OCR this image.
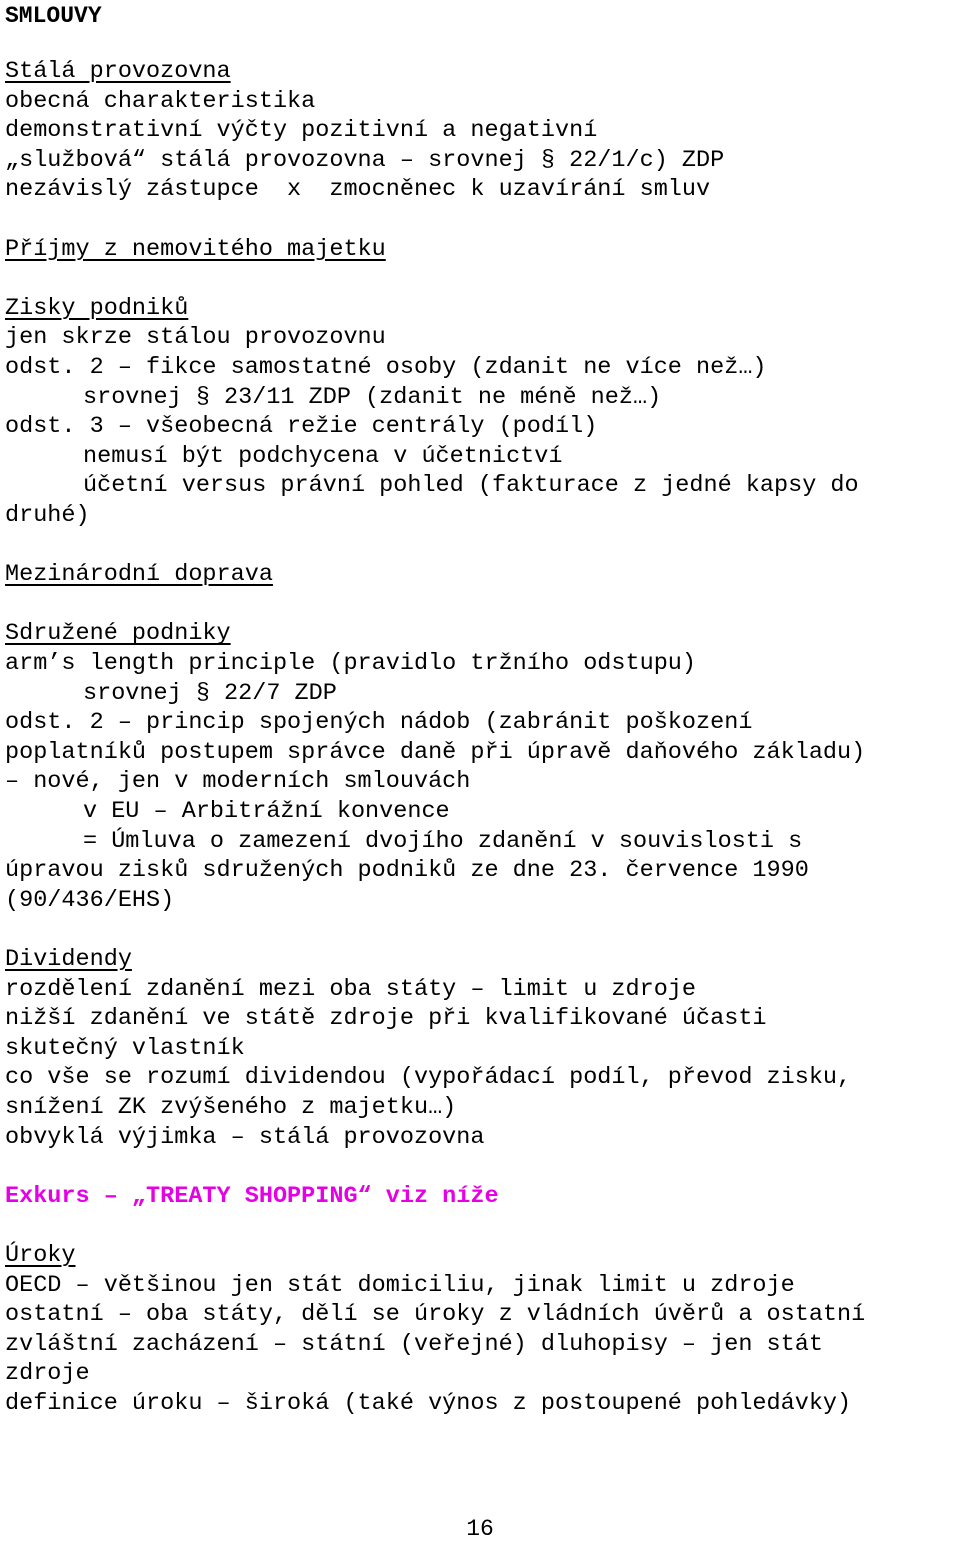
SMLOUVY
Stálá provozovna
obecná charakteristika
demonstrativní výčty pozitivní a negativní
„službová“ stálá provozovna – srovnej § 22/1/c) ZDP
nezávislý zástupce  x  zmocněnec k uzavírání smluv
Příjmy z nemovitého majetku
Zisky podniků
jen skrze stálou provozovnu
odst. 2 – fikce samostatné osoby (zdanit ne více než…)
srovnej § 23/11 ZDP (zdanit ne méně než…)
odst. 3 – všeobecná režie centrály (podíl)
nemusí být podchycena v účetnictví
účetní versus právní pohled (fakturace z jedné kapsy do
druhé)
Mezinárodní doprava
Sdružené podniky
arm’s length principle (pravidlo tržního odstupu)
srovnej § 22/7 ZDP
odst. 2 – princip spojených nádob (zabránit poškození
poplatníků postupem správce daně při úpravě daňového základu)
– nové, jen v moderních smlouvách
v EU – Arbitrážní konvence
= Úmluva o zamezení dvojího zdanění v souvislosti s
úpravou zisků sdružených podniků ze dne 23. července 1990
(90/436/EHS)
Dividendy
rozdělení zdanění mezi oba státy – limit u zdroje
nižší zdanění ve státě zdroje při kvalifikované účasti
skutečný vlastník
co vše se rozumí dividendou (vypořádací podíl, převod zisku,
snížení ZK zvýšeného z majetku…)
obvyklá výjimka – stálá provozovna
Exkurs – „TREATY SHOPPING“ viz níže
Úroky
OECD – většinou jen stát domiciliu, jinak limit u zdroje
ostatní – oba státy, dělí se úroky z vládních úvěrů a ostatní
zvláštní zacházení – státní (veřejné) dluhopisy – jen stát
zdroje
definice úroku – široká (také výnos z postoupené pohledávky)
16
